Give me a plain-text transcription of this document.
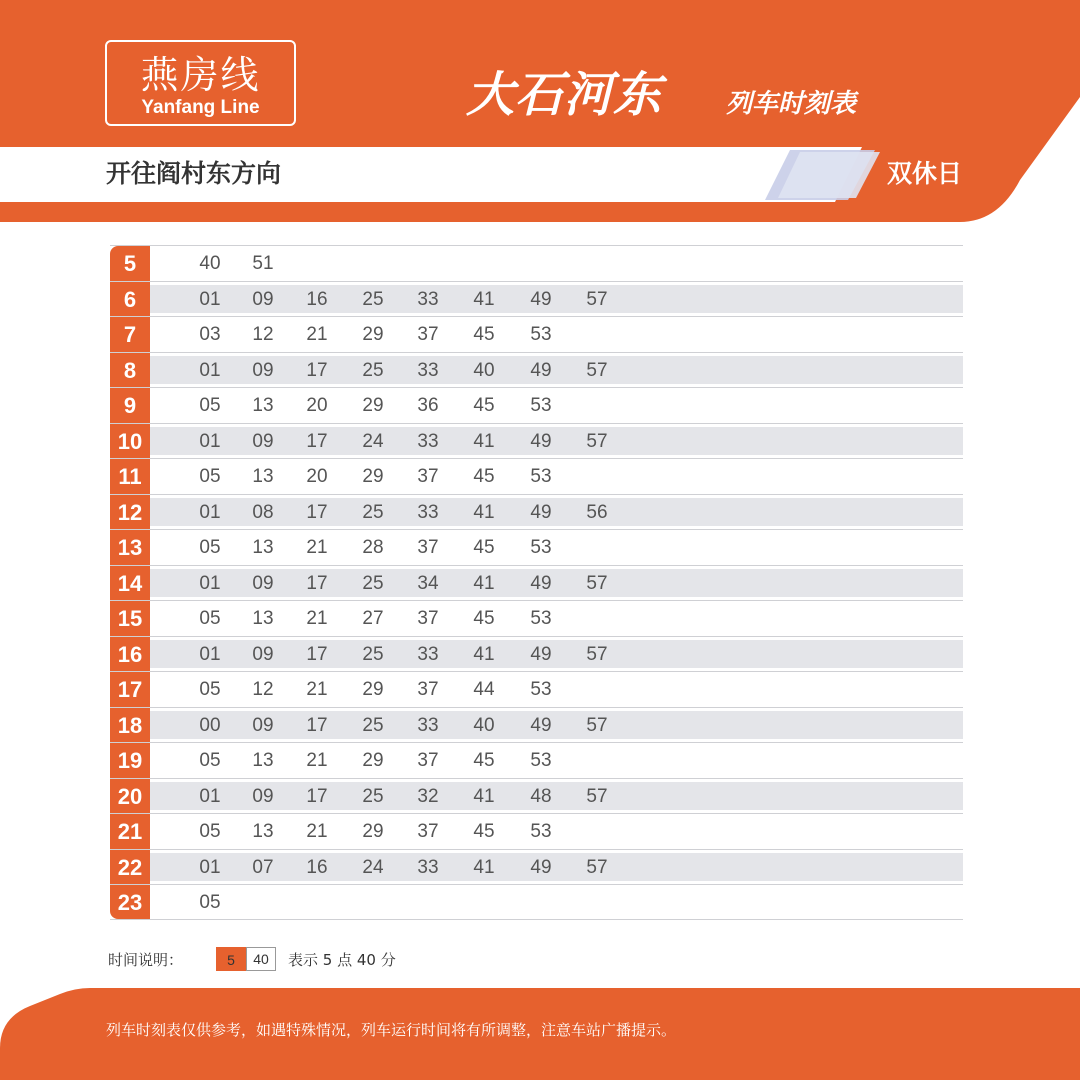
燕房线
Yanfang Line	大石河东 列车时刻表
开往阎村东方向	双休日
5	40	51
6	01	09	16	25	33	41	49	57
7	03	12	21	29	37	45	53
8	01	09	17	25	33	40	49	57
9	05	13	20	29	36	45	53
10	01	09	17	24	33	41	49	57
11	05	13	20	29	37	45	53
12	01	08	17	25	33	41	49	56
13	05	13	21	28	37	45	53
14	01	09	17	25	34	41	49	57
15	05	13	21	27	37	45	53
16	01	09	17	25	33	41	49	57
17	05	12	21	29	37	44	53
18	00	09	17	25	33	40	49	57
19	05	13	21	29	37	45	53
20	01	09	17	25	32	41	48	57
21	05	13	21	29	37	45	53
22	01	07	16	24	33	41	49	57
23	05
时间说明：	5	40	表示 5 点 40 分
列车时刻表仅供参考，如遇特殊情况，列车运行时间将有所调整，注意车站广播提示。
